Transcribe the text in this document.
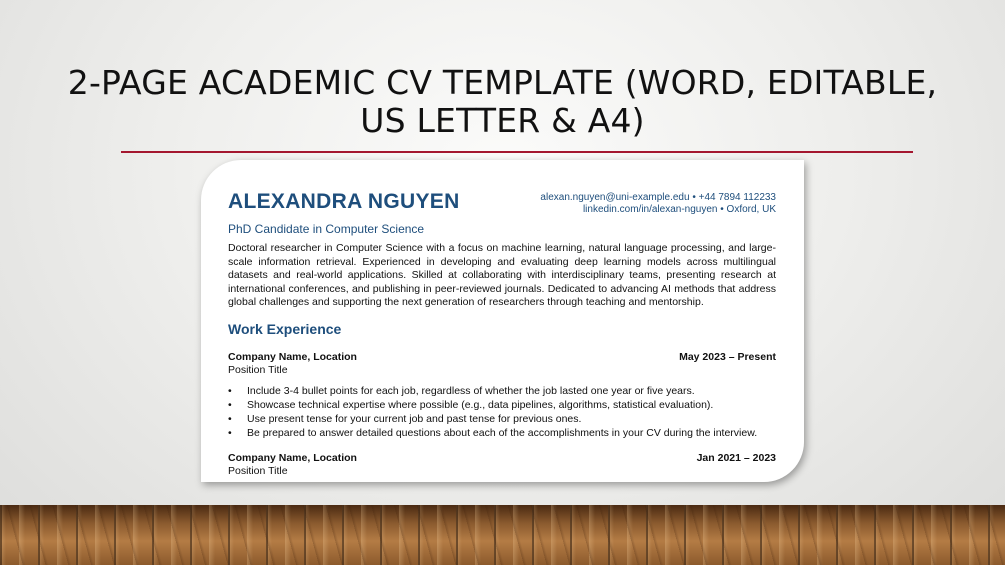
2-PAGE ACADEMIC CV TEMPLATE (WORD, EDITABLE,
US LETTER & A4)
ALEXANDRA NGUYEN	alexan.nguyen@uni-example.edu • +44 7894 112233
linkedin.com/in/alexan-nguyen • Oxford, UK
PhD Candidate in Computer Science
Doctoral researcher in Computer Science with a focus on machine learning, natural language processing, and large-scale information retrieval. Experienced in developing and evaluating deep learning models across multilingual datasets and real-world applications. Skilled at collaborating with interdisciplinary teams, presenting research at international conferences, and publishing in peer-reviewed journals. Dedicated to advancing AI methods that address global challenges and supporting the next generation of researchers through teaching and mentorship.
Work Experience
Company Name, Location	May 2023 – Present
Position Title
• Include 3-4 bullet points for each job, regardless of whether the job lasted one year or five years.
• Showcase technical expertise where possible (e.g., data pipelines, algorithms, statistical evaluation).
• Use present tense for your current job and past tense for previous ones.
• Be prepared to answer detailed questions about each of the accomplishments in your CV during the interview.
Company Name, Location	Jan 2021 – 2023
Position Title
